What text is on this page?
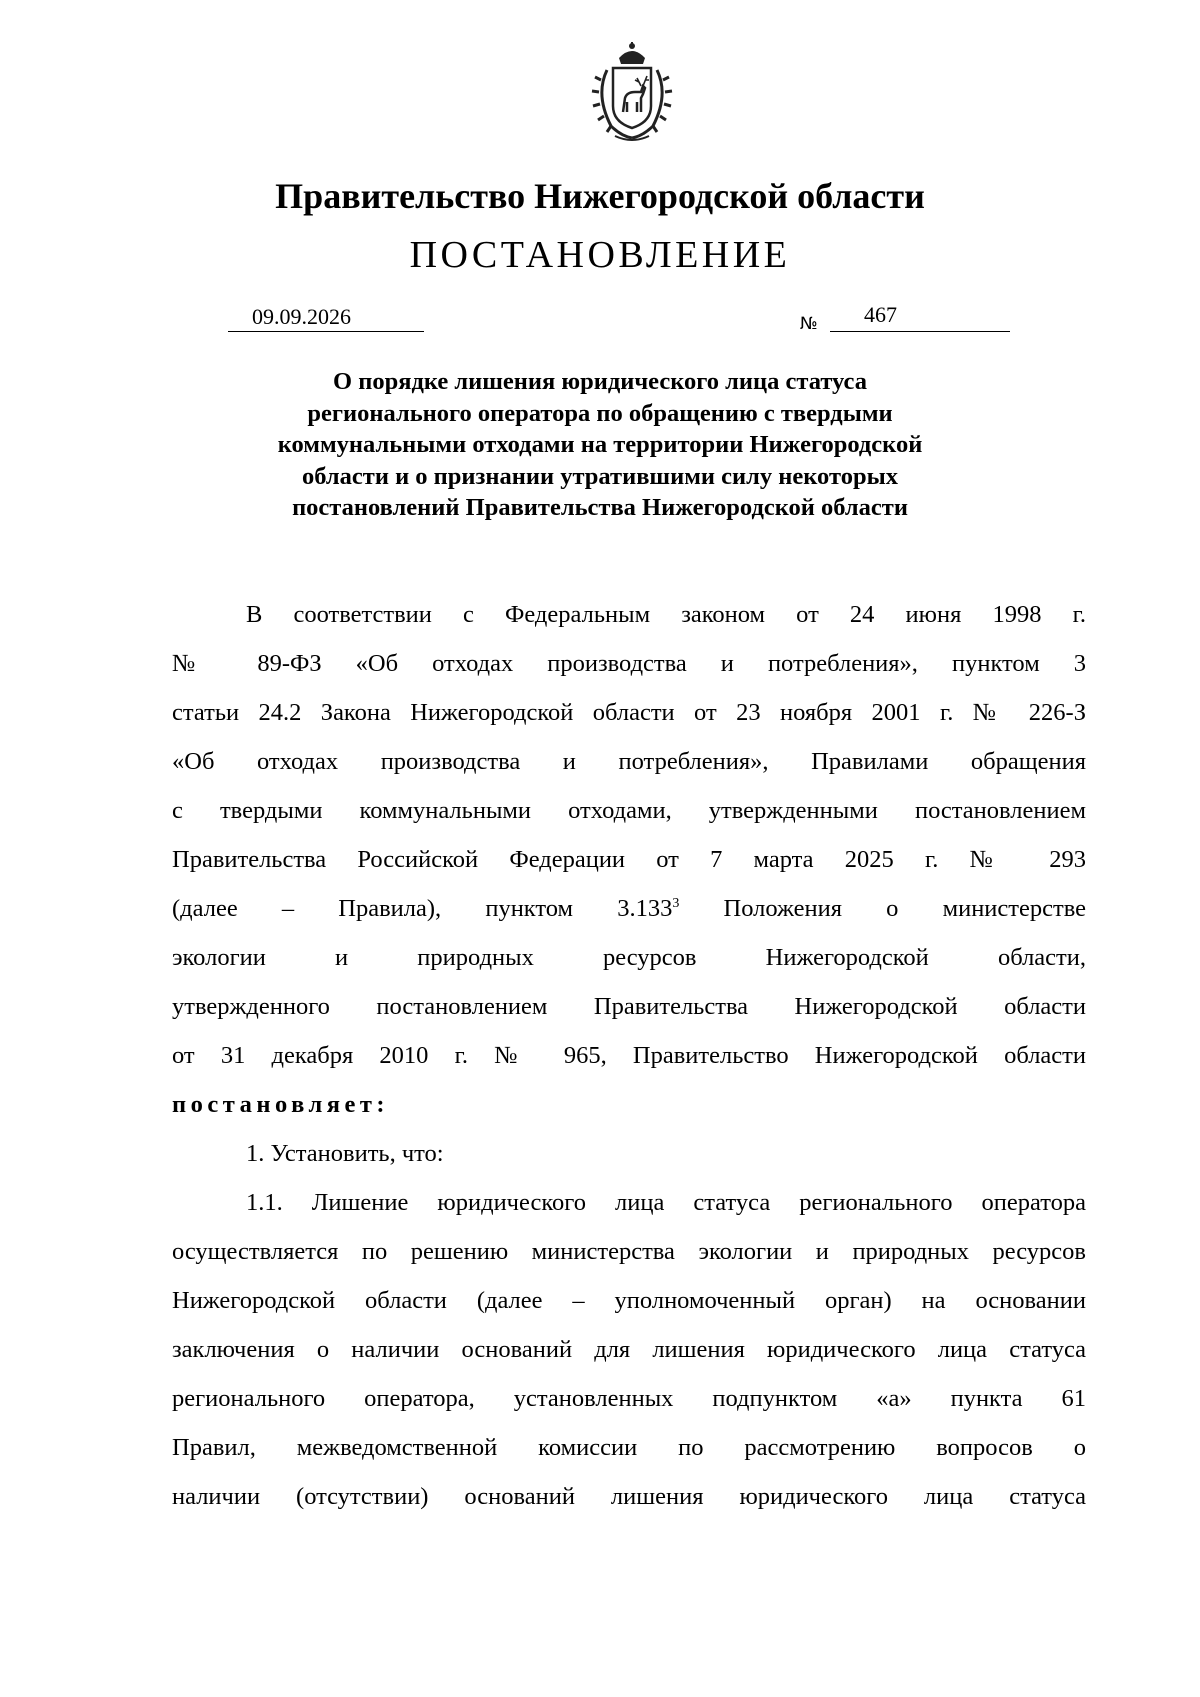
Правительство Нижегородской области
ПОСТАНОВЛЕНИЕ
09.09.2026	№ 467
О порядке лишения юридического лица статуса
регионального оператора по обращению с твердыми
коммунальными отходами на территории Нижегородской
области и о признании утратившими силу некоторых
постановлений Правительства Нижегородской области

В соответствии с Федеральным законом от 24 июня 1998 г.

№ 89-ФЗ «Об отходах производства и потребления», пунктом 3

статьи 24.2 Закона Нижегородской области от 23 ноября 2001 г. № 226-З

«Об отходах производства и потребления», Правилами обращения

с твердыми коммунальными отходами, утвержденными постановлением

Правительства Российской Федерации от 7 марта 2025 г. № 293

(далее – Правила), пунктом 3.133$^3$ Положения о министерстве

экологии и природных ресурсов Нижегородской области,

утвержденного постановлением Правительства Нижегородской области

от 31 декабря 2010 г. № 965, Правительство Нижегородской области

постановляет:

1. Установить, что:

1.1. Лишение юридического лица статуса регионального оператора

осуществляется по решению министерства экологии и природных ресурсов

Нижегородской области (далее – уполномоченный орган) на основании

заключения о наличии оснований для лишения юридического лица статуса

регионального оператора, установленных подпунктом «а» пункта 61

Правил, межведомственной комиссии по рассмотрению вопросов о

наличии (отсутствии) оснований лишения юридического лица статуса
